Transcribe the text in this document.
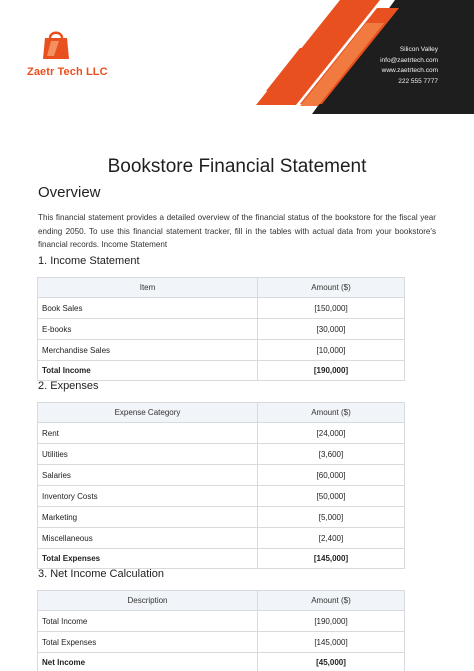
Zaetr Tech LLC
Silicon Valley
info@zaetrtech.com
www.zaetrtech.com
222 555 7777
Bookstore Financial Statement
Overview
This financial statement provides a detailed overview of the financial status of the bookstore for the fiscal year ending 2050. To use this financial statement tracker, fill in the tables with actual data from your bookstore's financial records. Income Statement
1. Income Statement
Item	Amount ($)
Book Sales	[150,000]
E-books	[30,000]
Merchandise Sales	[10,000]
Total Income	[190,000]
2. Expenses
Expense Category	Amount ($)
Rent	[24,000]
Utilities	[3,600]
Salaries	[60,000]
Inventory Costs	[50,000]
Marketing	[5,000]
Miscellaneous	[2,400]
Total Expenses	[145,000]
3. Net Income Calculation
Description	Amount ($)
Total Income	[190,000]
Total Expenses	[145,000]
Net Income	[45,000]
